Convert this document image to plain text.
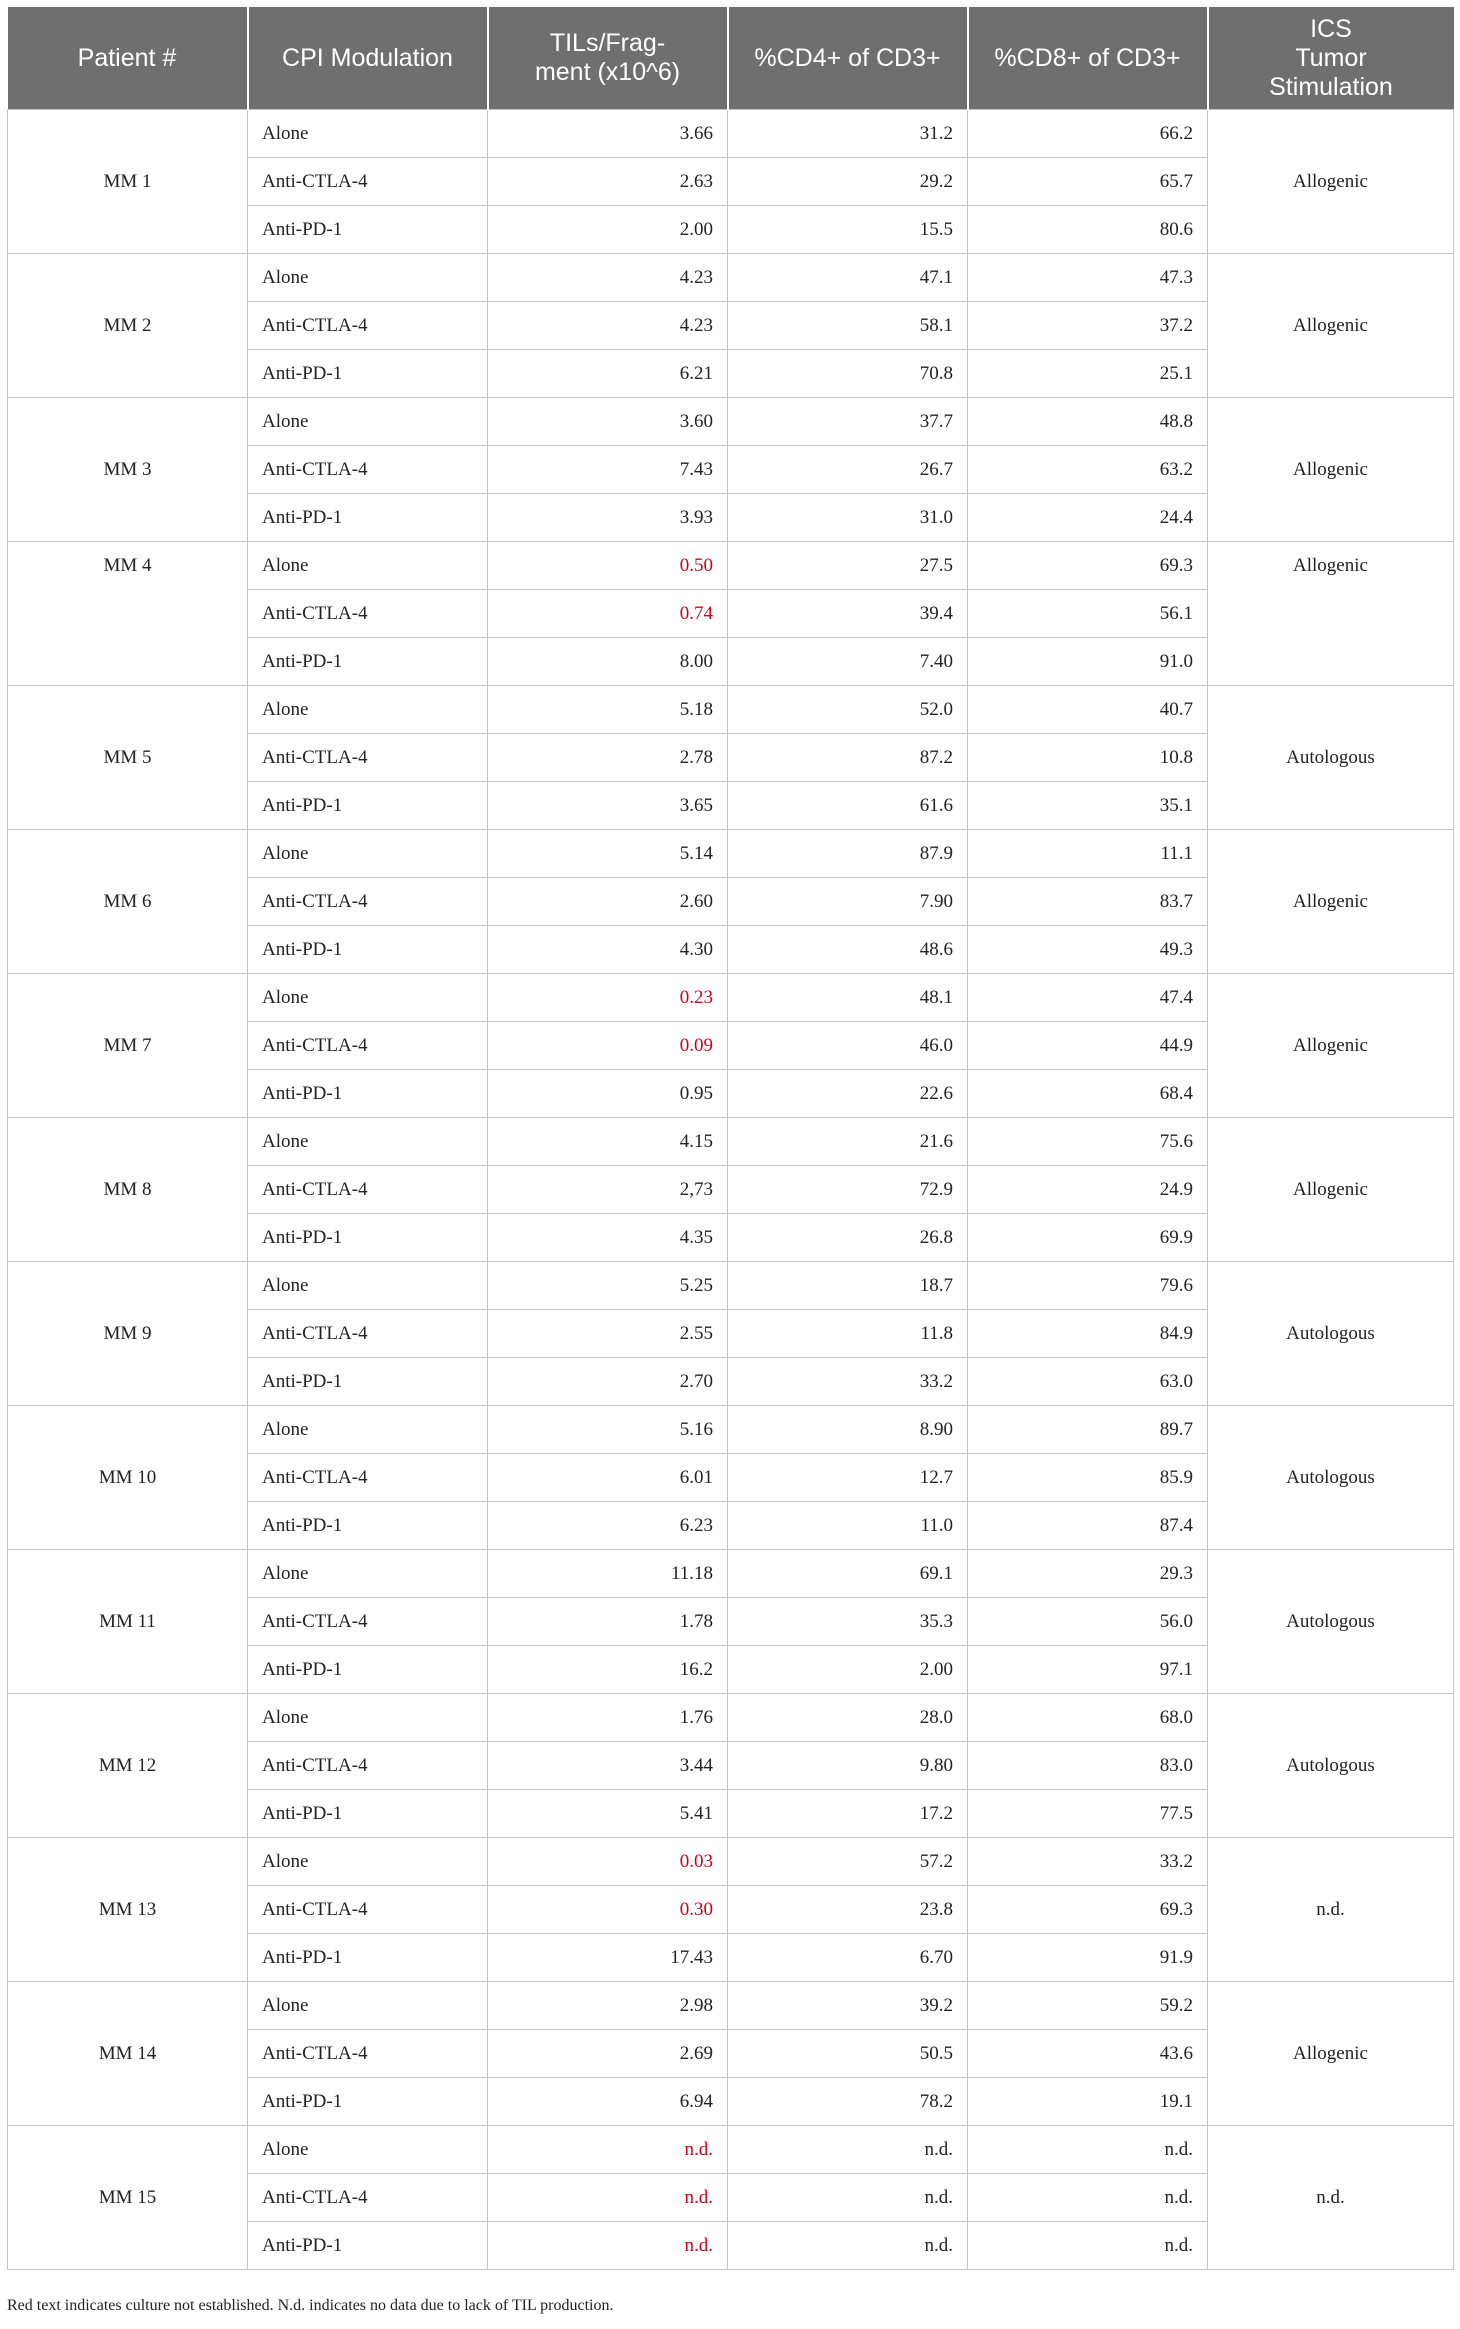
Patient #	CPI Modulation	TILs/Frag-
ment (x10^6)	%CD4+ of CD3+	%CD8+ of CD3+	ICS
Tumor
Stimulation
MM 1	Alone	3.66	31.2	66.2	Allogenic
	Anti-CTLA-4	2.63	29.2	65.7	
	Anti-PD-1	2.00	15.5	80.6	
MM 2	Alone	4.23	47.1	47.3	Allogenic
	Anti-CTLA-4	4.23	58.1	37.2	
	Anti-PD-1	6.21	70.8	25.1	
MM 3	Alone	3.60	37.7	48.8	Allogenic
	Anti-CTLA-4	7.43	26.7	63.2	
	Anti-PD-1	3.93	31.0	24.4	
MM 4	Alone	0.50	27.5	69.3	Allogenic
	Anti-CTLA-4	0.74	39.4	56.1	
	Anti-PD-1	8.00	7.40	91.0	
MM 5	Alone	5.18	52.0	40.7	Autologous
	Anti-CTLA-4	2.78	87.2	10.8	
	Anti-PD-1	3.65	61.6	35.1	
MM 6	Alone	5.14	87.9	11.1	Allogenic
	Anti-CTLA-4	2.60	7.90	83.7	
	Anti-PD-1	4.30	48.6	49.3	
MM 7	Alone	0.23	48.1	47.4	Allogenic
	Anti-CTLA-4	0.09	46.0	44.9	
	Anti-PD-1	0.95	22.6	68.4	
MM 8	Alone	4.15	21.6	75.6	Allogenic
	Anti-CTLA-4	2,73	72.9	24.9	
	Anti-PD-1	4.35	26.8	69.9	
MM 9	Alone	5.25	18.7	79.6	Autologous
	Anti-CTLA-4	2.55	11.8	84.9	
	Anti-PD-1	2.70	33.2	63.0	
MM 10	Alone	5.16	8.90	89.7	Autologous
	Anti-CTLA-4	6.01	12.7	85.9	
	Anti-PD-1	6.23	11.0	87.4	
MM 11	Alone	11.18	69.1	29.3	Autologous
	Anti-CTLA-4	1.78	35.3	56.0	
	Anti-PD-1	16.2	2.00	97.1	
MM 12	Alone	1.76	28.0	68.0	Autologous
	Anti-CTLA-4	3.44	9.80	83.0	
	Anti-PD-1	5.41	17.2	77.5	
MM 13	Alone	0.03	57.2	33.2	n.d.
	Anti-CTLA-4	0.30	23.8	69.3	
	Anti-PD-1	17.43	6.70	91.9	
MM 14	Alone	2.98	39.2	59.2	Allogenic
	Anti-CTLA-4	2.69	50.5	43.6	
	Anti-PD-1	6.94	78.2	19.1	
MM 15	Alone	n.d.	n.d.	n.d.	n.d.
	Anti-CTLA-4	n.d.	n.d.	n.d.	
	Anti-PD-1	n.d.	n.d.	n.d.	

Red text indicates culture not established. N.d. indicates no data due to lack of TIL production.
